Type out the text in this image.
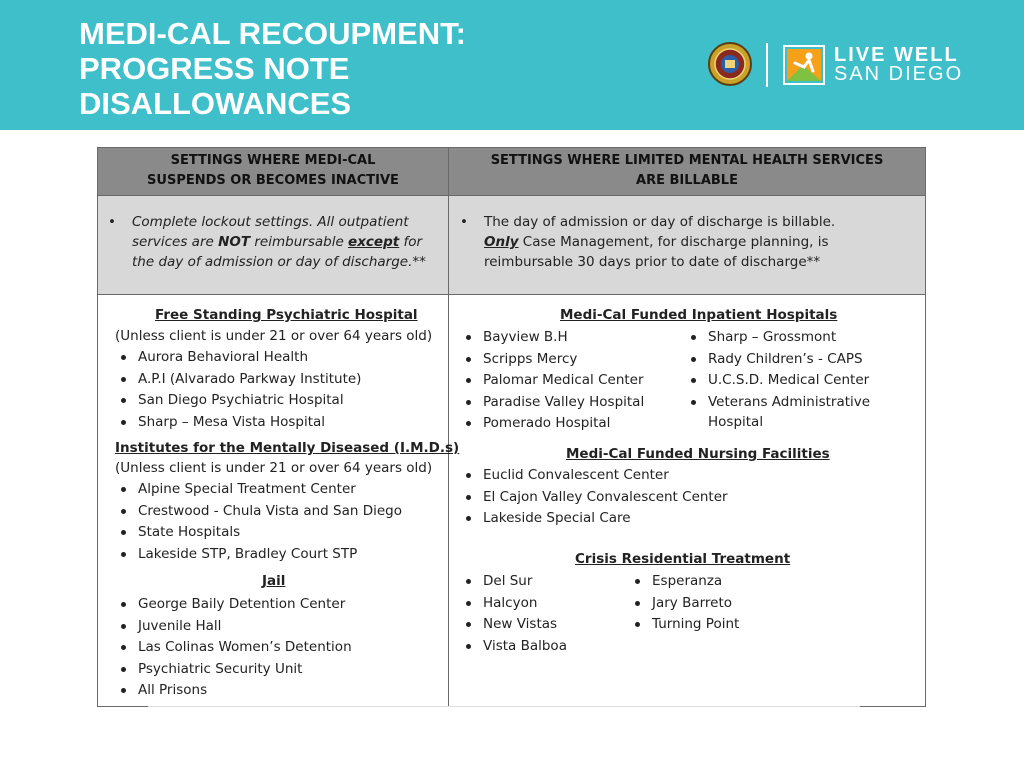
MEDI-CAL RECOUPMENT:
PROGRESS NOTE
DISALLOWANCES
LIVE WELL
SAN DIEGO
SETTINGS WHERE MEDI-CAL
SUSPENDS OR BECOMES INACTIVE
SETTINGS WHERE LIMITED MENTAL HEALTH SERVICES
ARE BILLABLE
• Complete lockout settings. All outpatient services are NOT reimbursable except for the day of admission or day of discharge.**
• The day of admission or day of discharge is billable.
Only Case Management, for discharge planning, is reimbursable 30 days prior to date of discharge**
Free Standing Psychiatric Hospital
(Unless client is under 21 or over 64 years old)
Aurora Behavioral Health
A.P.I (Alvarado Parkway Institute)
San Diego Psychiatric Hospital
Sharp – Mesa Vista Hospital
Institutes for the Mentally Diseased (I.M.D.s)
(Unless client is under 21 or over 64 years old)
Alpine Special Treatment Center
Crestwood - Chula Vista and San Diego
State Hospitals
Lakeside STP, Bradley Court STP
Jail
George Baily Detention Center
Juvenile Hall
Las Colinas Women’s Detention
Psychiatric Security Unit
All Prisons
Medi-Cal Funded Inpatient Hospitals
Bayview B.H
Scripps Mercy
Palomar Medical Center
Paradise Valley Hospital
Pomerado Hospital
Sharp – Grossmont
Rady Children’s - CAPS
U.C.S.D. Medical Center
Veterans Administrative Hospital
Medi-Cal Funded Nursing Facilities
Euclid Convalescent Center
El Cajon Valley Convalescent Center
Lakeside Special Care
Crisis Residential Treatment
Del Sur
Halcyon
New Vistas
Vista Balboa
Esperanza
Jary Barreto
Turning Point
